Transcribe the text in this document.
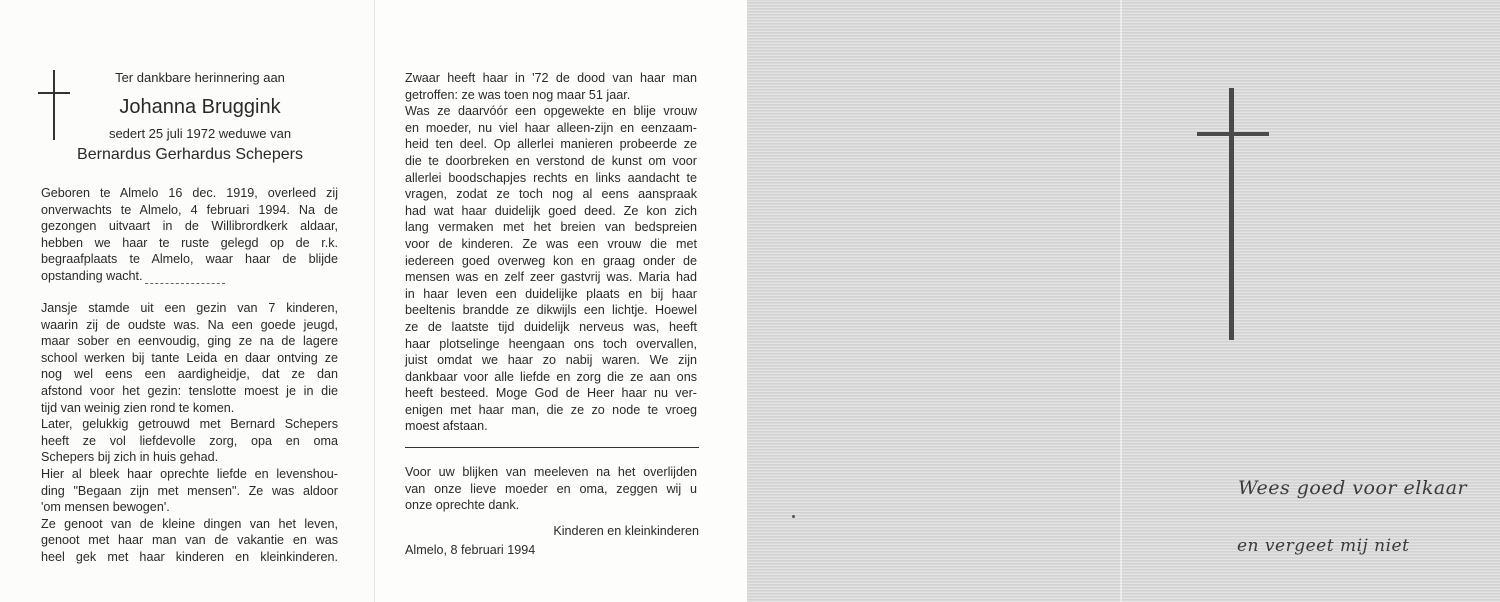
Ter dankbare herinnering aan
Johanna Bruggink
sedert 25 juli 1972 weduwe van
Bernardus Gerhardus Schepers
Geboren te Almelo 16 dec. 1919, overleed zij
onverwachts te Almelo, 4 februari 1994. Na de
gezongen uitvaart in de Willibrordkerk aldaar,
hebben we haar te ruste gelegd op de r.k.
begraafplaats te Almelo, waar haar de blijde
opstanding wacht.
Jansje stamde uit een gezin van 7 kinderen,
waarin zij de oudste was. Na een goede jeugd,
maar sober en eenvoudig, ging ze na de lagere
school werken bij tante Leida en daar ontving ze
nog wel eens een aardigheidje, dat ze dan
afstond voor het gezin: tenslotte moest je in die
tijd van weinig zien rond te komen.
Later, gelukkig getrouwd met Bernard Schepers
heeft ze vol liefdevolle zorg, opa en oma
Schepers bij zich in huis gehad.
Hier al bleek haar oprechte liefde en levenshou-
ding "Begaan zijn met mensen". Ze was aldoor
'om mensen bewogen'.
Ze genoot van de kleine dingen van het leven,
genoot met haar man van de vakantie en was
heel gek met haar kinderen en kleinkinderen.
Zwaar heeft haar in '72 de dood van haar man
getroffen: ze was toen nog maar 51 jaar.
Was ze daarvóór een opgewekte en blije vrouw
en moeder, nu viel haar alleen-zijn en eenzaam-
heid ten deel. Op allerlei manieren probeerde ze
die te doorbreken en verstond de kunst om voor
allerlei boodschapjes rechts en links aandacht te
vragen, zodat ze toch nog al eens aanspraak
had wat haar duidelijk goed deed. Ze kon zich
lang vermaken met het breien van bedspreien
voor de kinderen. Ze was een vrouw die met
iedereen goed overweg kon en graag onder de
mensen was en zelf zeer gastvrij was. Maria had
in haar leven een duidelijke plaats en bij haar
beeltenis brandde ze dikwijls een lichtje. Hoewel
ze de laatste tijd duidelijk nerveus was, heeft
haar plotselinge heengaan ons toch overvallen,
juist omdat we haar zo nabij waren. We zijn
dankbaar voor alle liefde en zorg die ze aan ons
heeft besteed. Moge God de Heer haar nu ver-
enigen met haar man, die ze zo node te vroeg
moest afstaan.
Voor uw blijken van meeleven na het overlijden
van onze lieve moeder en oma, zeggen wij u
onze oprechte dank.
Kinderen en kleinkinderen
Almelo, 8 februari 1994
Wees goed voor elkaar
en vergeet mij niet
